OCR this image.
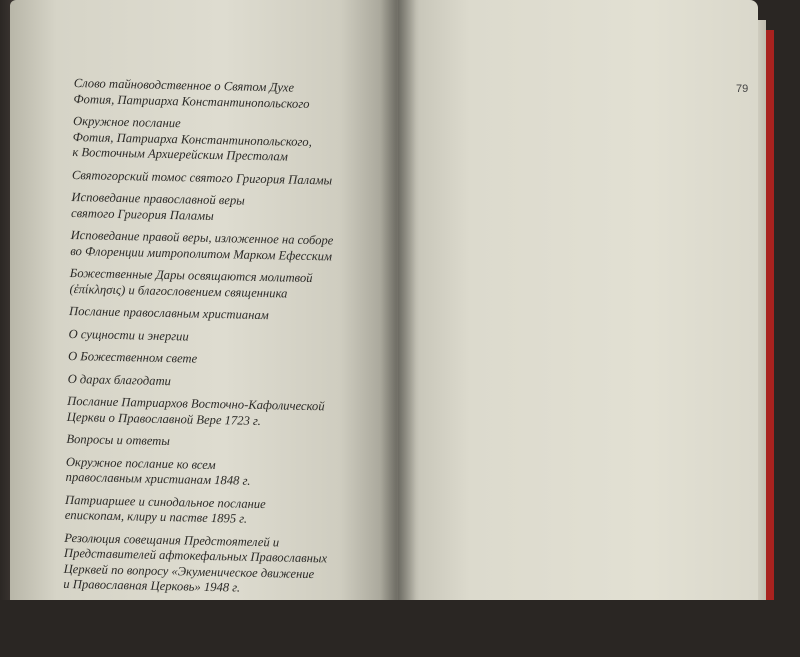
Слово тайноводственное о Святом Духе
Фотия, Патриарха Константинопольского
Окружное послание
Фотия, Патриарха Константинопольского,
к Восточным Архиерейским Престолам
Святогорский томос святого Григория Паламы
Исповедание православной веры
святого Григория Паламы
Исповедание правой веры, изложенное на соборе
во Флоренции митрополитом Марком Ефесским
Божественные Дары освящаются молитвой
(ἐπίκλησις) и благословением священника
Послание православным христианам
О сущности и энергии
О Божественном свете
О дарах благодати
Послание Патриархов Восточно-Кафолической
Церкви о Православной Вере 1723 г.
Вопросы и ответы
Окружное послание ко всем
православным христианам 1848 г.
Патриаршее и синодальное послание
епископам, клиру и пастве 1895 г.
Резолюция совещания Предстоятелей и
Представителей афтокефальных Православных
Церквей по вопросу «Экуменическое движение
и Православная Церковь» 1948 г.
79
